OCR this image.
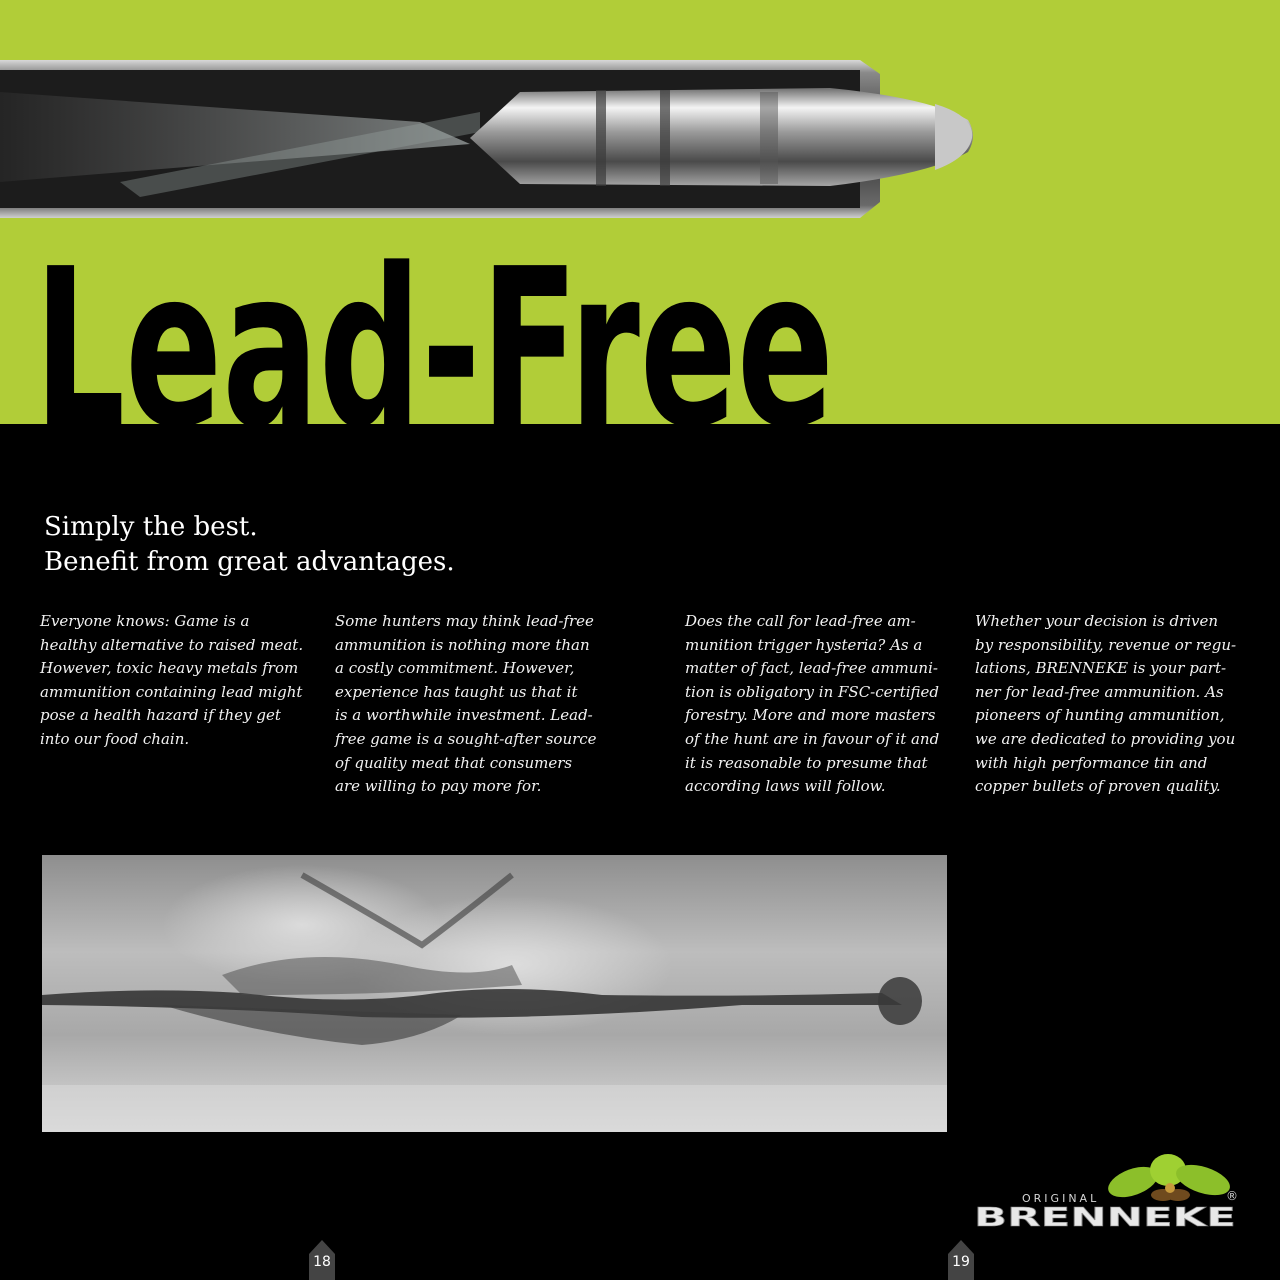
Lead-Free
Simply the best.
Benefit from great advantages.
Everyone knows: Game is a
healthy alternative to raised meat.
However, toxic heavy metals from
ammunition containing lead might
pose a health hazard if they get
into our food chain.
Some hunters may think lead-free
ammunition is nothing more than
a costly commitment. However,
experience has taught us that it
is a worthwhile investment. Lead-
free game is a sought-after source
of quality meat that consumers
are willing to pay more for.
Does the call for lead-free am-
munition trigger hysteria? As a
matter of fact, lead-free ammuni-
tion is obligatory in FSC-certified
forestry. More and more masters
of the hunt are in favour of it and
it is reasonable to presume that
according laws will follow.
Whether your decision is driven
by responsibility, revenue or regu-
lations, BRENNEKE is your part-
ner for lead-free ammunition. As
pioneers of hunting ammunition,
we are dedicated to providing you
with high performance tin and
copper bullets of proven quality.
ORIGINAL
BRENNEKE
®
18	19
